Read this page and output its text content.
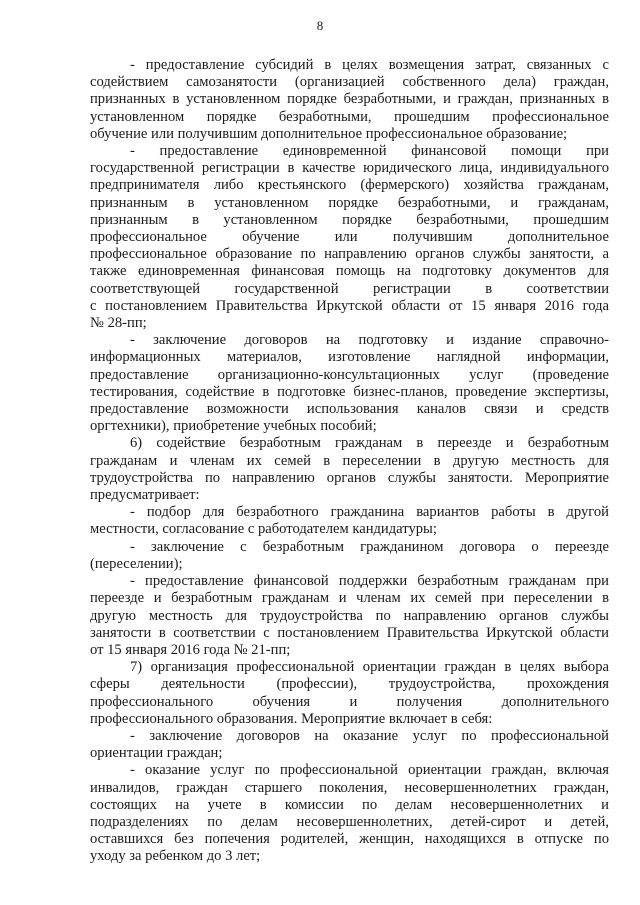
8
- предоставление субсидий в целях возмещения затрат, связанных с
содействием самозанятости (организацией собственного дела) граждан,
признанных в установленном порядке безработными, и граждан, признанных в
установленном порядке безработными, прошедшим профессиональное
обучение или получившим дополнительное профессиональное образование;
- предоставление единовременной финансовой помощи при
государственной регистрации в качестве юридического лица, индивидуального
предпринимателя либо крестьянского (фермерского) хозяйства гражданам,
признанным в установленном порядке безработными, и гражданам,
признанным в установленном порядке безработными, прошедшим
профессиональное обучение или получившим дополнительное
профессиональное образование по направлению органов службы занятости, а
также единовременная финансовая помощь на подготовку документов для
соответствующей государственной регистрации в соответствии
с постановлением Правительства Иркутской области от 15 января 2016 года
№ 28-пп;
- заключение договоров на подготовку и издание справочно-
информационных материалов, изготовление наглядной информации,
предоставление организационно-консультационных услуг (проведение
тестирования, содействие в подготовке бизнес-планов, проведение экспертизы,
предоставление возможности использования каналов связи и средств
оргтехники), приобретение учебных пособий;
6) содействие безработным гражданам в переезде и безработным
гражданам и членам их семей в переселении в другую местность для
трудоустройства по направлению органов службы занятости. Мероприятие
предусматривает:
- подбор для безработного гражданина вариантов работы в другой
местности, согласование с работодателем кандидатуры;
- заключение с безработным гражданином договора о переезде
(переселении);
- предоставление финансовой поддержки безработным гражданам при
переезде и безработным гражданам и членам их семей при переселении в
другую местность для трудоустройства по направлению органов службы
занятости в соответствии с постановлением Правительства Иркутской области
от 15 января 2016 года № 21-пп;
7) организация профессиональной ориентации граждан в целях выбора
сферы деятельности (профессии), трудоустройства, прохождения
профессионального обучения и получения дополнительного
профессионального образования. Мероприятие включает в себя:
- заключение договоров на оказание услуг по профессиональной
ориентации граждан;
- оказание услуг по профессиональной ориентации граждан, включая
инвалидов, граждан старшего поколения, несовершеннолетних граждан,
состоящих на учете в комиссии по делам несовершеннолетних и
подразделениях по делам несовершеннолетних, детей-сирот и детей,
оставшихся без попечения родителей, женщин, находящихся в отпуске по
уходу за ребенком до 3 лет;
